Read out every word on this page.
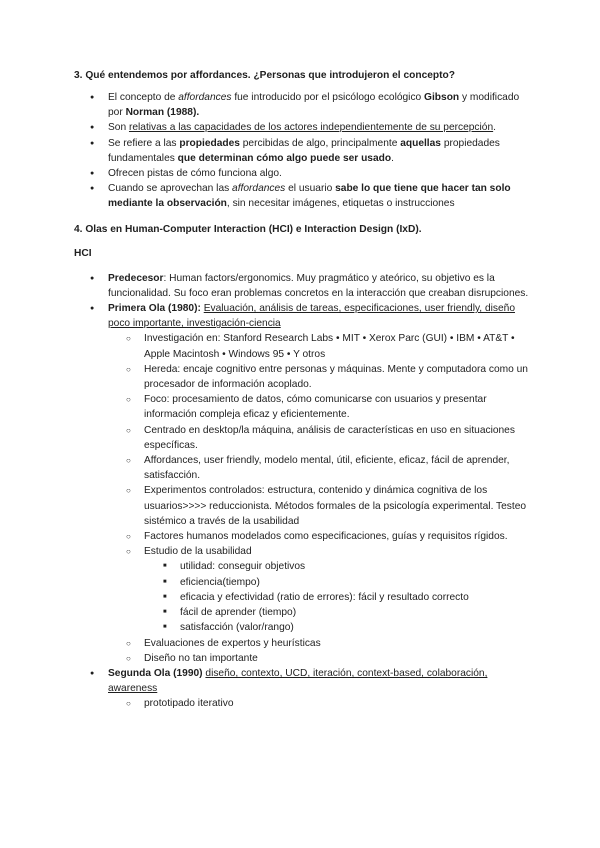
3. Qué entendemos por affordances. ¿Personas que introdujeron el concepto?

● El concepto de affordances fue introducido por el psicólogo ecológico Gibson y modificado por Norman (1988).
● Son relativas a las capacidades de los actores independientemente de su percepción.
● Se refiere a las propiedades percibidas de algo, principalmente aquellas propiedades fundamentales que determinan cómo algo puede ser usado.
● Ofrecen pistas de cómo funciona algo.
● Cuando se aprovechan las affordances el usuario sabe lo que tiene que hacer tan solo mediante la observación, sin necesitar imágenes, etiquetas o instrucciones

4. Olas en Human-Computer Interaction (HCI) e Interaction Design (IxD).

HCI

● Predecesor: Human factors/ergonomics. Muy pragmático y ateórico, su objetivo es la funcionalidad. Su foco eran problemas concretos en la interacción que creaban disrupciones.
● Primera Ola (1980): Evaluación, análisis de tareas, especificaciones, user friendly, diseño poco importante, investigación-ciencia
○ Investigación en: Stanford Research Labs • MIT • Xerox Parc (GUI) • IBM • AT&T • Apple Macintosh • Windows 95 • Y otros
○ Hereda: encaje cognitivo entre personas y máquinas. Mente y computadora como un procesador de información acoplado.
○ Foco: procesamiento de datos, cómo comunicarse con usuarios y presentar información compleja eficaz y eficientemente.
○ Centrado en desktop/la máquina, análisis de características en uso en situaciones específicas.
○ Affordances, user friendly, modelo mental, útil, eficiente, eficaz, fácil de aprender, satisfacción.
○ Experimentos controlados: estructura, contenido y dinámica cognitiva de los usuarios>>>> reduccionista. Métodos formales de la psicología experimental. Testeo sistémico a través de la usabilidad
○ Factores humanos modelados como especificaciones, guías y requisitos rígidos.
○ Estudio de la usabilidad
■ utilidad: conseguir objetivos
■ eficiencia(tiempo)
■ eficacia y efectividad (ratio de errores): fácil y resultado correcto
■ fácil de aprender (tiempo)
■ satisfacción (valor/rango)
○ Evaluaciones de expertos y heurísticas
○ Diseño no tan importante
● Segunda Ola (1990) diseño, contexto, UCD, iteración, context-based, colaboración, awareness
○ prototipado iterativo
